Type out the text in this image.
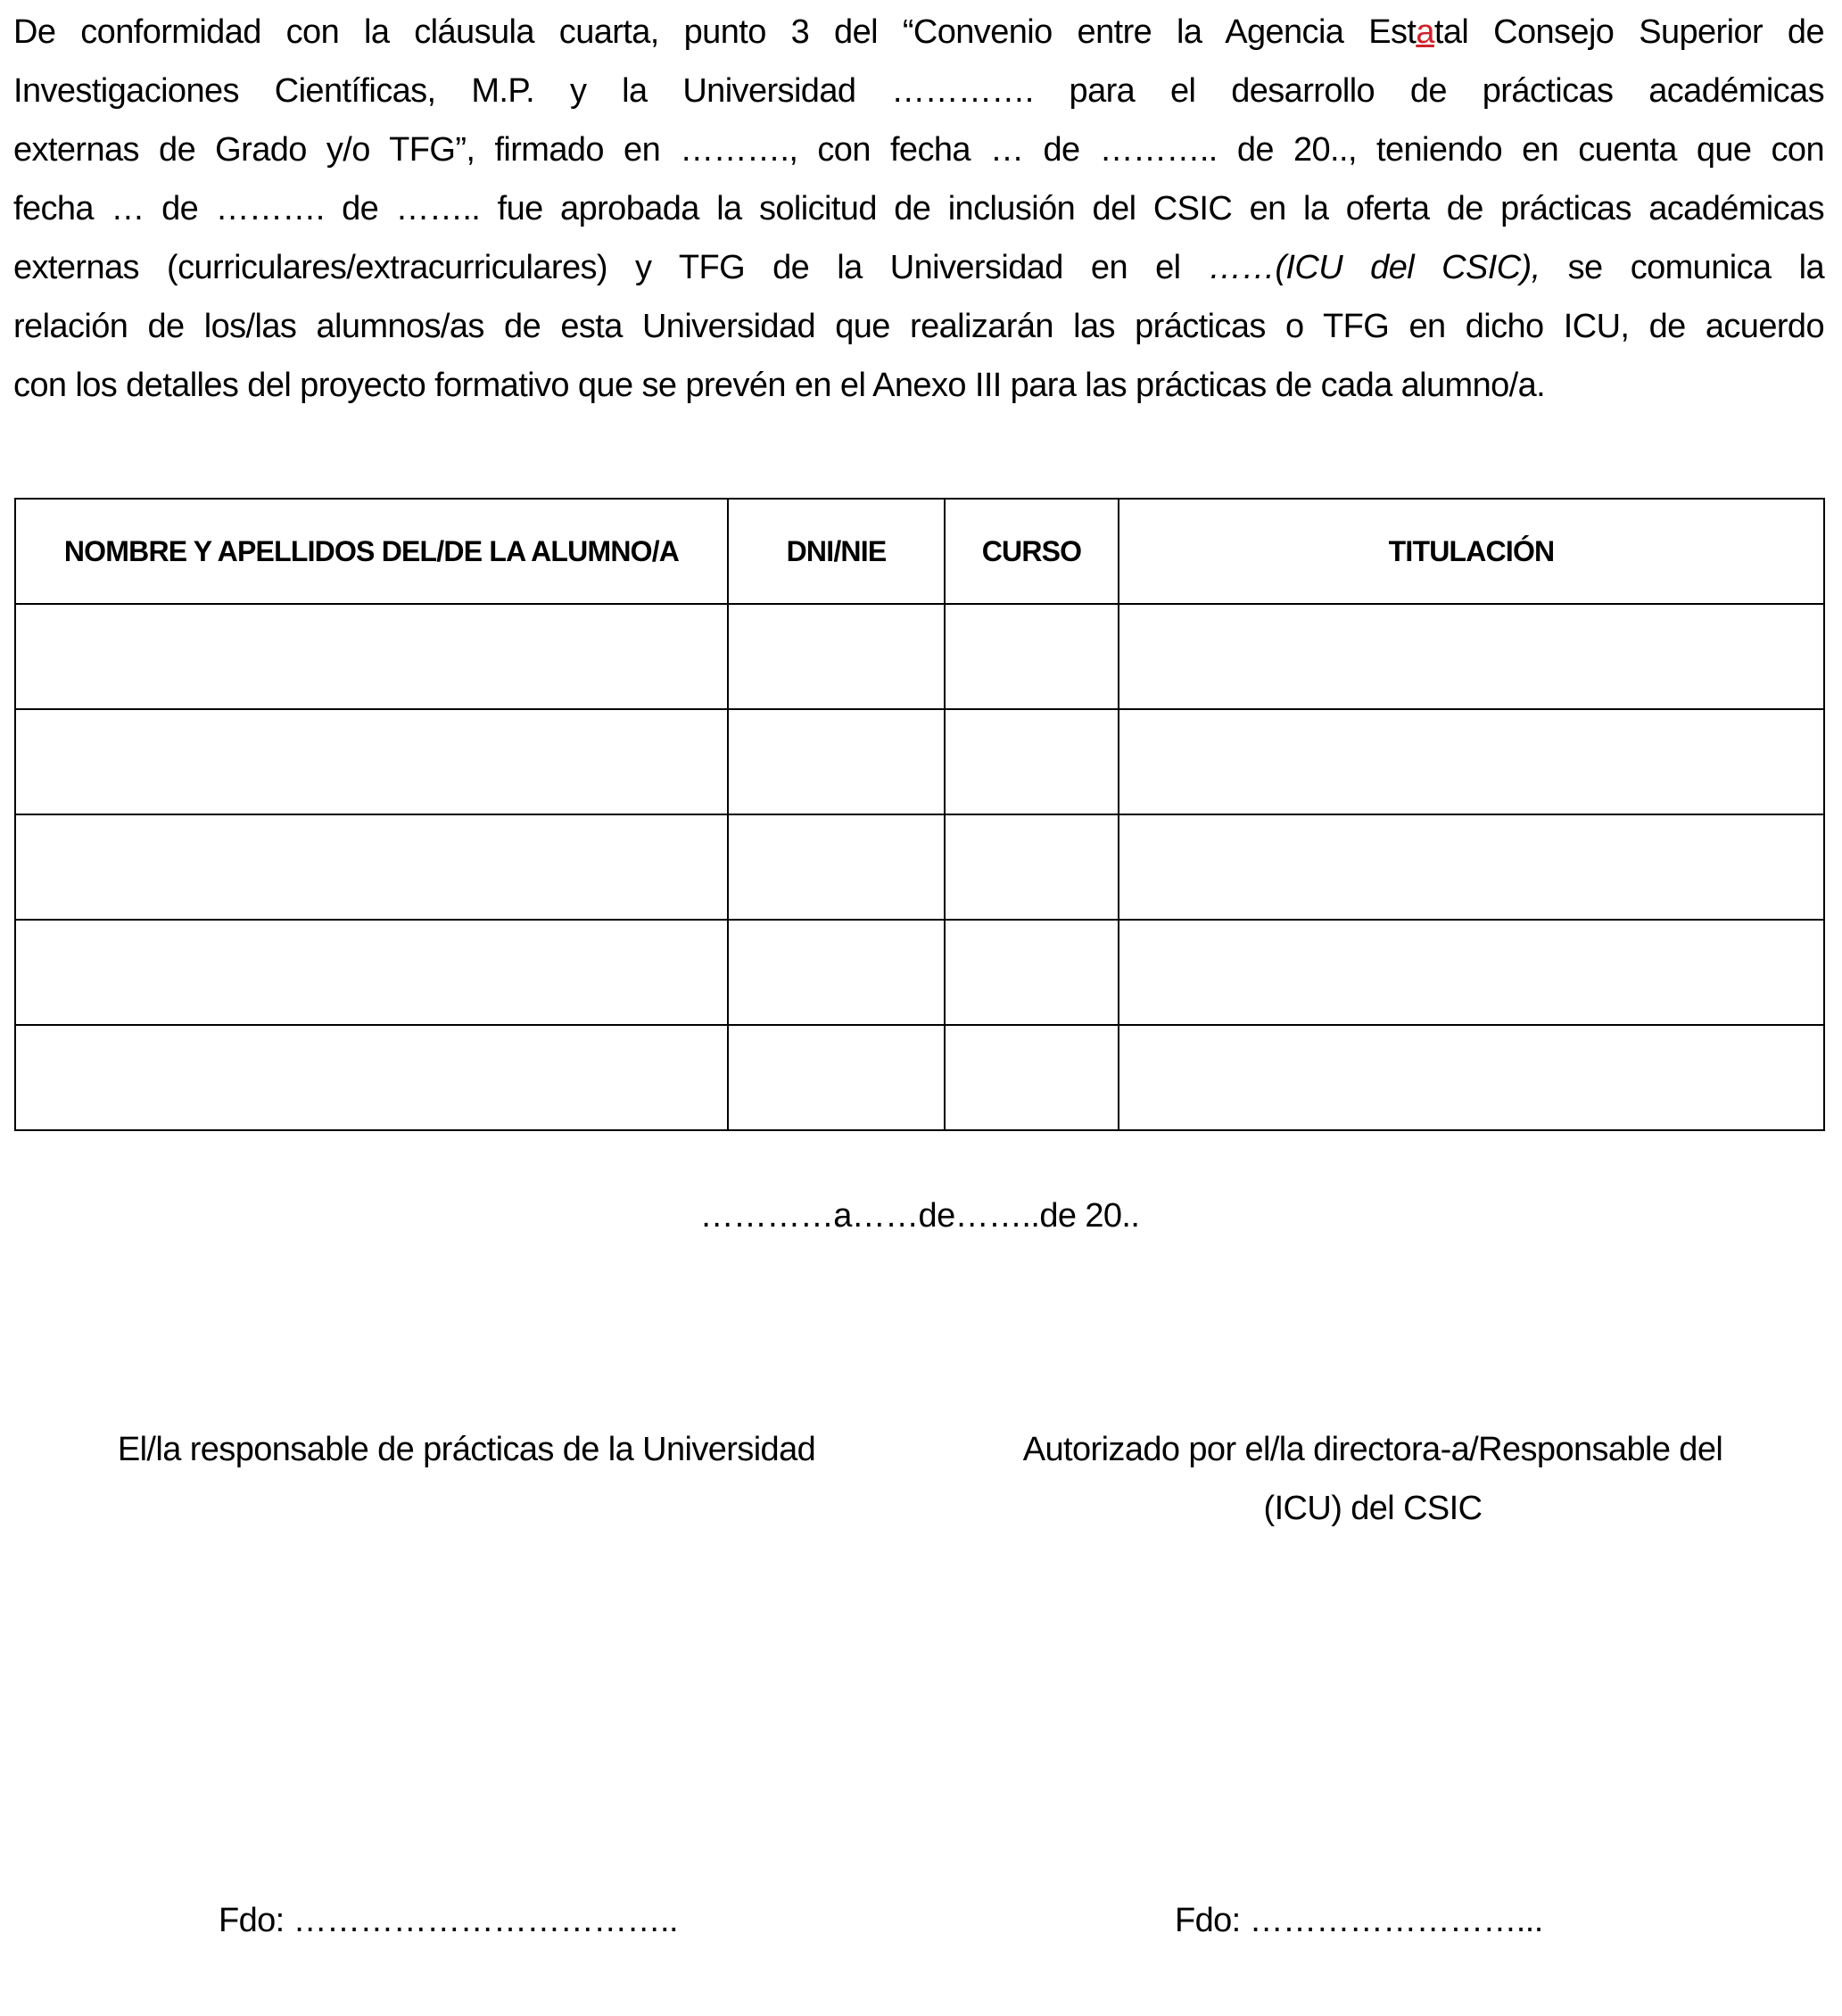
De conformidad con la cláusula cuarta, punto 3 del “Convenio entre la Agencia Estatal Consejo Superior de
Investigaciones Científicas, M.P. y la Universidad …………. para el desarrollo de prácticas académicas
externas de Grado y/o TFG”, firmado en ………., con fecha … de ……….. de 20.., teniendo en cuenta que con
fecha … de ………. de …….. fue aprobada la solicitud de inclusión del CSIC en la oferta de prácticas académicas
externas (curriculares/extracurriculares) y TFG de la Universidad en el ……(ICU del CSIC), se comunica la
relación de los/las alumnos/as de esta Universidad que realizarán las prácticas o TFG en dicho ICU, de acuerdo
con los detalles del proyecto formativo que se prevén en el Anexo III para las prácticas de cada alumno/a.
NOMBRE Y APELLIDOS DEL/DE LA ALUMNO/A	DNI/NIE	CURSO	TITULACIÓN

…………a……de……..de 20..
El/la responsable de prácticas de la Universidad	Autorizado por el/la directora-a/Responsable del
(ICU) del CSIC
Fdo: ……………………………..	Fdo: ……………………...
